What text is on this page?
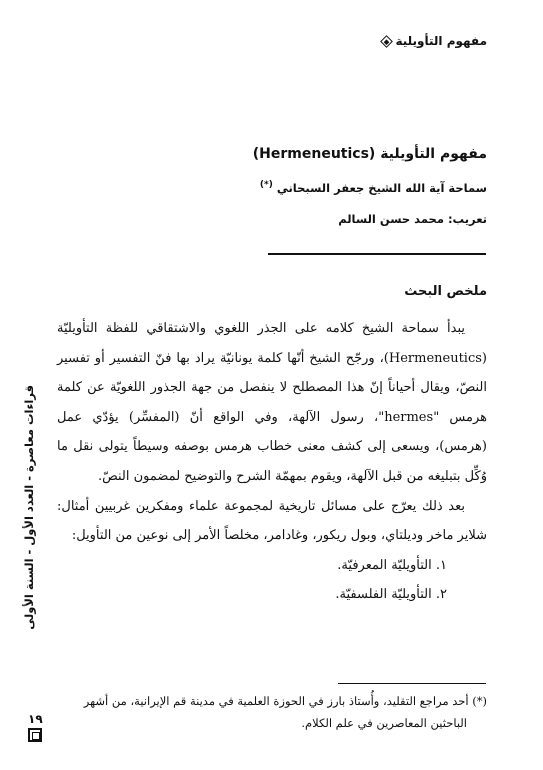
مفهوم التأويلية
مفهوم التأويلية (Hermeneutics)
سماحة آية الله الشيخ جعفر السبحاني (*)
تعريب: محمد حسن السالم
ملخص البحث

يبدأ سماحة الشيخ كلامه على الجذر اللغوي والاشتقاقي للفظة التأويليّة (Hermeneutics)، ورجّح الشيخ أنّها كلمة يونانيّة يراد بها فنّ التفسير أو تفسير النصّ، ويقال أحياناً إنّ هذا المصطلح لا ينفصل من جهة الجذور اللغويّة عن كلمة هرمس "hermes"، رسول الآلهة، وفي الواقع أنّ (المفسِّر) يؤدّي عمل (هرمس)، ويسعى إلى كشف معنى خطاب هرمس بوصفه وسيطاً يتولى نقل ما وُكِّل بتبليغه من قبل الآلهة، ويقوم بمهمّة الشرح والتوضيح لمضمون النصّ.

بعد ذلك يعرّج على مسائل تاريخية لمجموعة علماء ومفكرين غربيين أمثال: شلاير ماخر وديلتاي، وبول ريكور، وغادامر، مخلصاً الأمر إلى نوعين من التأويل:

١. التأويليّة المعرفيّة.

٢. التأويليّة الفلسفيّة.

(*) أحد مراجع التقليد، وأُستاذ بارز في الحوزة العلمية في مدينة قم الإيرانية، من أشهر
الباحثين المعاصرين في علم الكلام.
قراءات معاصرة - العدد الأول - السنة الأولى
١٩
